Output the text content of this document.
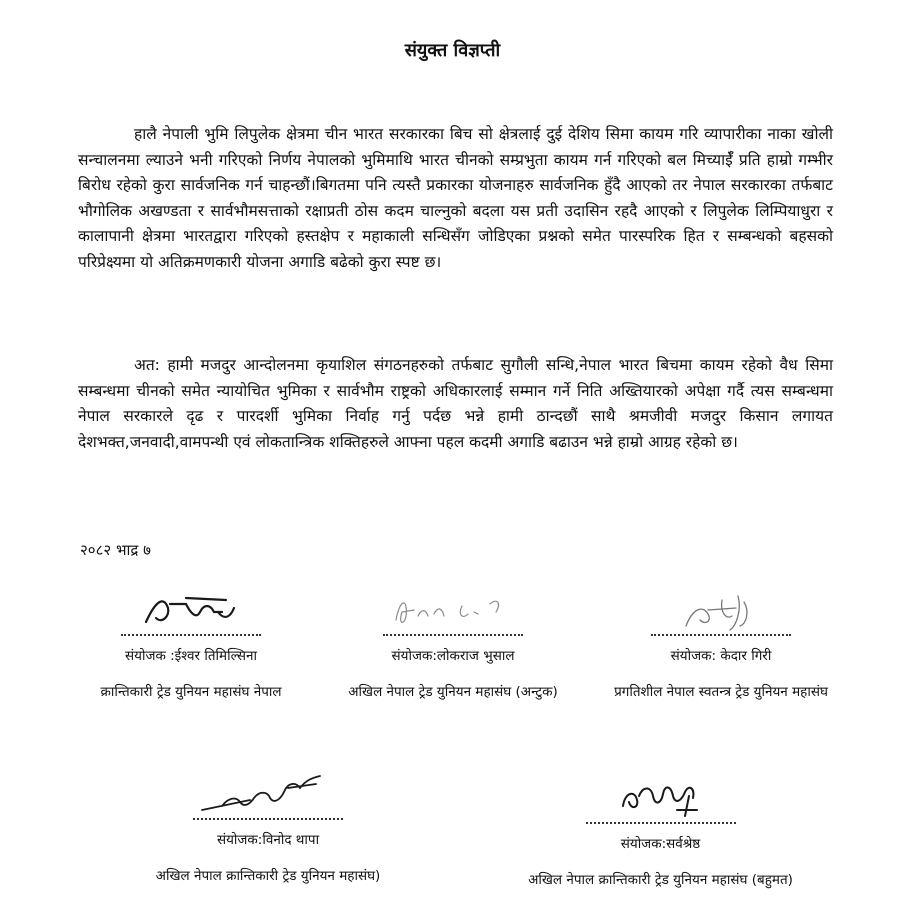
संयुक्त विज्ञप्ती

हालै नेपाली भुमि लिपुलेक क्षेत्रमा चीन भारत सरकारका बिच सो क्षेत्रलाई दुई देशिय सिमा कायम गरि व्यापारीका नाका खोली सन्चालनमा ल्याउने भनी गरिएको निर्णय नेपालको भुमिमाथि भारत चीनको सम्प्रभुता कायम गर्न गरिएको बल मिच्याईँ प्रति हाम्रो गम्भीर बिरोध रहेको कुरा सार्वजनिक गर्न चाहन्छौं।बिगतमा पनि त्यस्तै प्रकारका योजनाहरु सार्वजनिक हुँदै आएको तर नेपाल सरकारका तर्फबाट भौगोलिक अखण्डता र सार्वभौमसत्ताको रक्षाप्रती ठोस कदम चाल्नुको बदला यस प्रती उदासिन रहदै आएको र लिपुलेक लिम्पियाधुरा र कालापानी क्षेत्रमा भारतद्वारा गरिएको हस्तक्षेप र महाकाली सन्धिसँग जोडिएका प्रश्नको समेत पारस्परिक हित र सम्बन्धको बहसको परिप्रेक्ष्यमा यो अतिक्रमणकारी योजना अगाडि बढेको कुरा स्पष्ट छ।

अत: हामी मजदुर आन्दोलनमा कृयाशिल संगठनहरुको तर्फबाट सुगौली सन्धि,नेपाल भारत बिचमा कायम रहेको वैध सिमा सम्बन्धमा चीनको समेत न्यायोचित भुमिका र सार्वभौम राष्ट्रको अधिकारलाई सम्मान गर्ने निति अख्तियारको अपेक्षा गर्दै त्यस सम्बन्धमा नेपाल सरकारले दृढ र पारदर्शी भुमिका निर्वाह गर्नु पर्दछ भन्ने हामी ठान्दछौं साथै श्रमजीवी मजदुर किसान लगायत देशभक्त,जनवादी,वामपन्थी एवं लोकतान्त्रिक शक्तिहरुले आफ्ना पहल कदमी अगाडि बढाउन भन्ने हाम्रो आग्रह रहेको छ।

२०८२ भाद्र ७
संयोजक :ईश्वर तिमिल्सिना
क्रान्तिकारी ट्रेड युनियन महासंघ नेपाल
संयोजक:लोकराज भुसाल
अखिल नेपाल ट्रेड युनियन महासंघ (अन्टुक)
संयोजक: केदार गिरी
प्रगतिशील नेपाल स्वतन्त्र ट्रेड युनियन महासंघ
संयोजक:विनोद थापा
अखिल नेपाल क्रान्तिकारी ट्रेड युनियन महासंघ)
संयोजक:सर्वश्रेष्ठ
अखिल नेपाल क्रान्तिकारी ट्रेड युनियन महासंघ (बहुमत)
